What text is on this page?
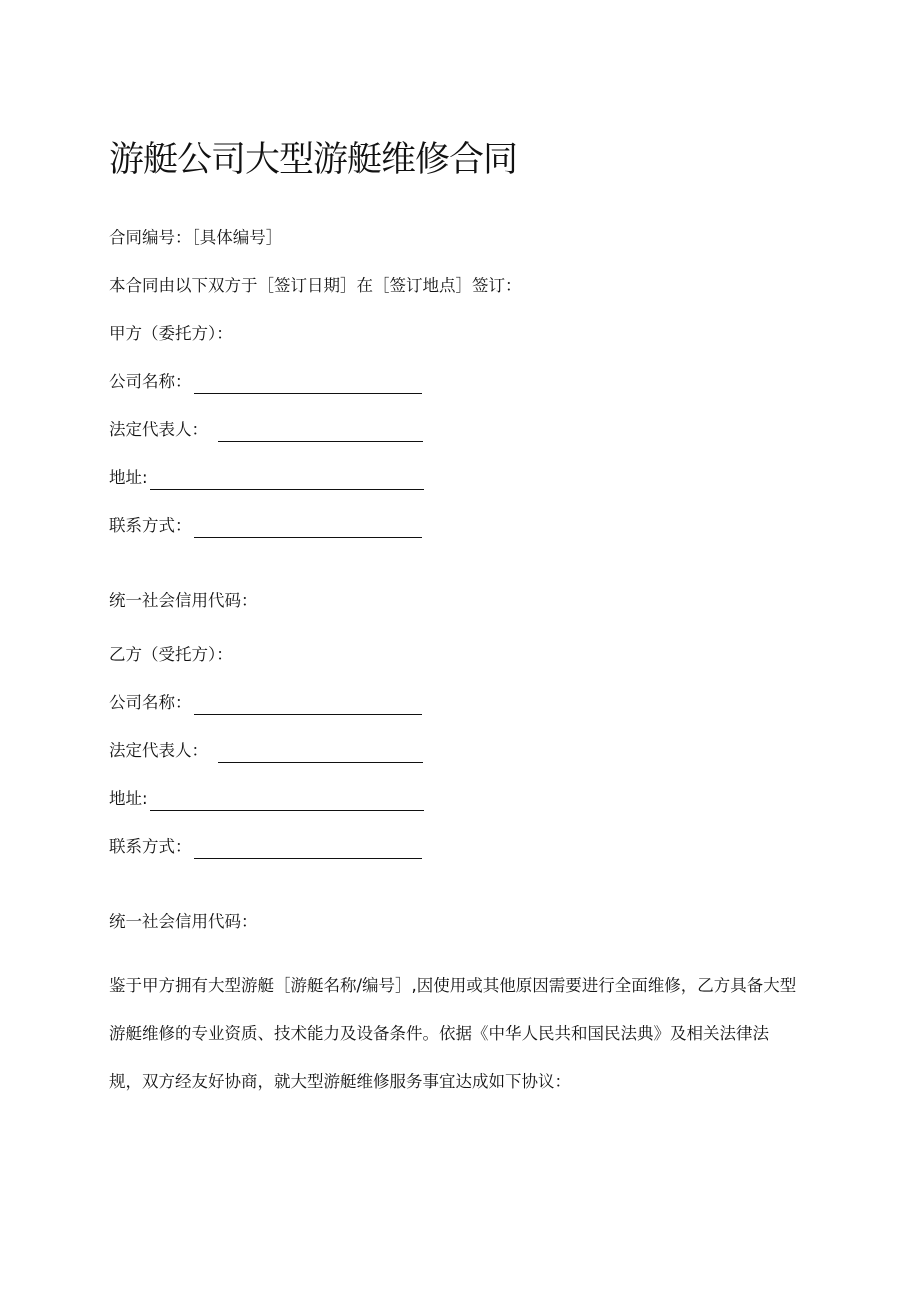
游艇公司大型游艇维修合同
合同编号：［具体编号］
本合同由以下双方于［签订日期］在［签订地点］签订：
甲方（委托方）：
公司名称：
法定代表人：
地址:
联系方式：
统一社会信用代码：
乙方（受托方）：
公司名称：
法定代表人：
地址:
联系方式：
统一社会信用代码：

鉴于甲方拥有大型游艇［游艇名称/编号］,因使用或其他原因需要进行全面维修，乙方具备大型游艇维修的专业资质、技术能力及设备条件。依据《中华人民共和国民法典》及相关法律法规，双方经友好协商，就大型游艇维修服务事宜达成如下协议：
